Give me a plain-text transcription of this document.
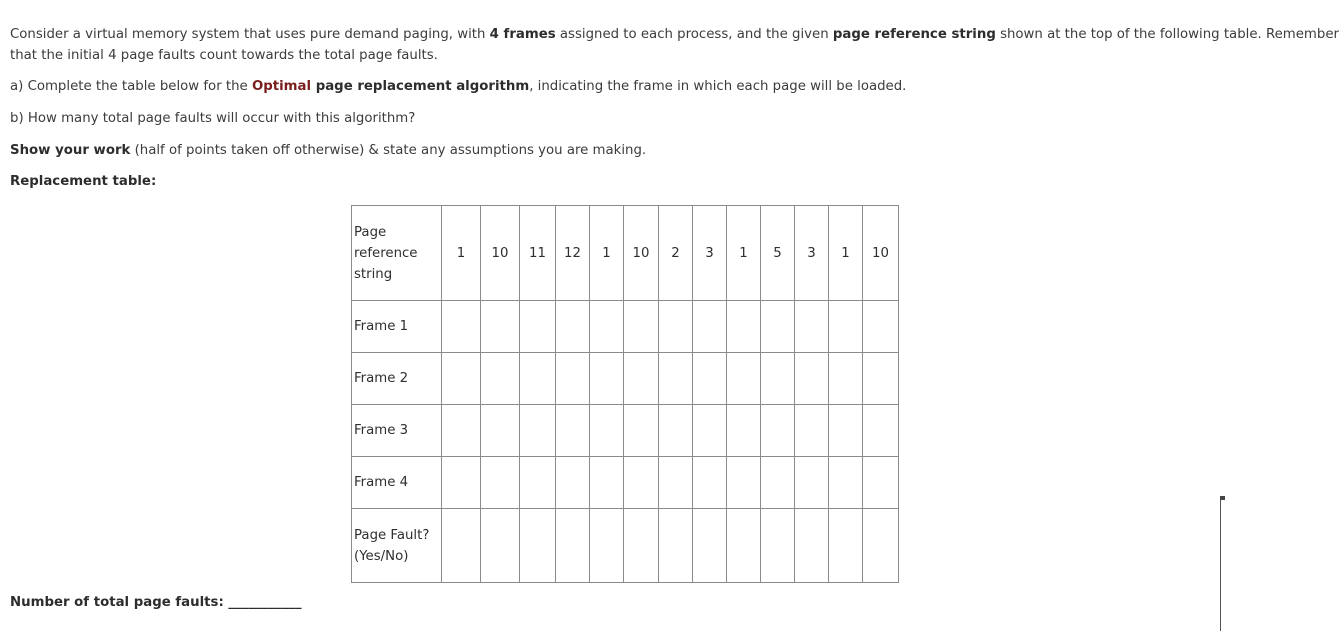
Consider a virtual memory system that uses pure demand paging, with 4 frames assigned to each process, and the given page reference string shown at the top of the following table. Remember

that the initial 4 page faults count towards the total page faults.

a) Complete the table below for the Optimal page replacement algorithm, indicating the frame in which each page will be loaded.
b) How many total page faults will occur with this algorithm?
Show your work (half of points taken off otherwise) & state any assumptions you are making.
Replacement table:
Page
reference
string	1	10	11	12	1	10	2	3	1	5	3	1	10

Frame 1													

Frame 2													

Frame 3													

Frame 4													

Page Fault?
(Yes/No)													

Number of total page faults: ___________
